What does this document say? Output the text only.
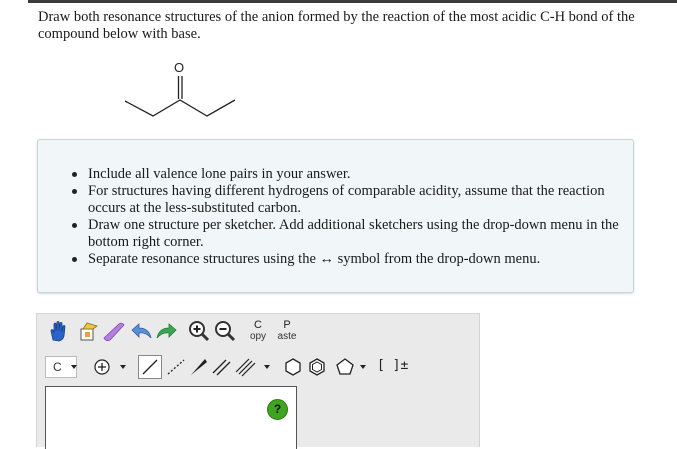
Draw both resonance structures of the anion formed by the reaction of the most acidic C-H bond of the compound below with base.
O
Include all valence lone pairs in your answer.
For structures having different hydrogens of comparable acidity, assume that the reaction occurs at the less-substituted carbon.
Draw one structure per sketcher. Add additional sketchers using the drop-down menu in the bottom right corner.
Separate resonance structures using the ↔ symbol from the drop-down menu.
C
opy
P
aste
C	[ ]±
?
